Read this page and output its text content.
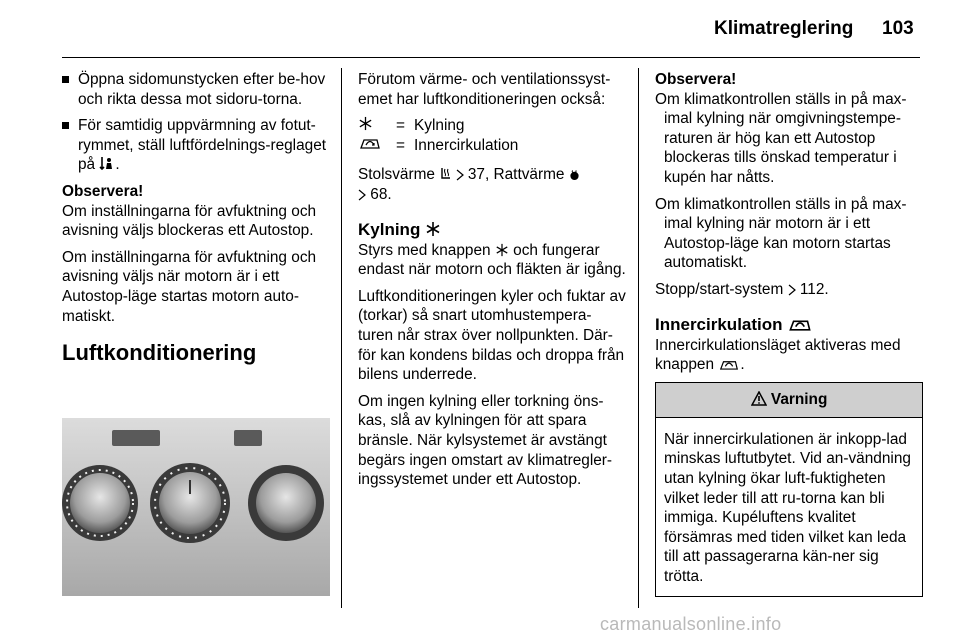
Klimatreglering 103
Öppna sidomunstycken efter be-hov och rikta dessa mot sidoru-torna.
För samtidig uppvärmning av fotut-rymmet, ställ luftfördelnings-reglaget på .

Observera!

Om inställningarna för avfuktning och avisning väljs blockeras ett Autostop.

Om inställningarna för avfuktning och avisning väljs när motorn är i ett Autostop-läge startas motorn auto-matiskt.

Luftkonditionering

Förutom värme- och ventilationssyst-emet har luftkonditioneringen också:

= Kylning
= Innercirkulation

Stolsvärme
37, Rattvärme

68.

Kylning

Styrs med knappen och fungerar endast när motorn och fläkten är igång.

Luftkonditioneringen kyler och fuktar av (torkar) så snart utomhustempera-turen når strax över nollpunkten. Där-för kan kondens bildas och droppa från bilens underrede.

Om ingen kylning eller torkning öns-kas, slå av kylningen för att spara bränsle. När kylsystemet är avstängt begärs ingen omstart av klimatregler-ingssystemet under ett Autostop.

Observera!

Om klimatkontrollen ställs in på max-imal kylning när omgivningstempe-raturen är hög kan ett Autostop blockeras tills önskad temperatur i kupén har nåtts.

Om klimatkontrollen ställs in på max-imal kylning när motorn är i ett Autostop-läge kan motorn startas automatiskt.

Stopp/start-system 112.

Innercirkulation

Innercirkulationsläget aktiveras med knappen .

Varning
När innercirkulationen är inkopp-lad minskas luftutbytet. Vid an-vändning utan kylning ökar luft-fuktigheten vilket leder till att ru-torna kan bli immiga. Kupéluftens kvalitet försämras med tiden vilket kan leda till att passagerarna kän-ner sig trötta.
carmanualsonline.info
